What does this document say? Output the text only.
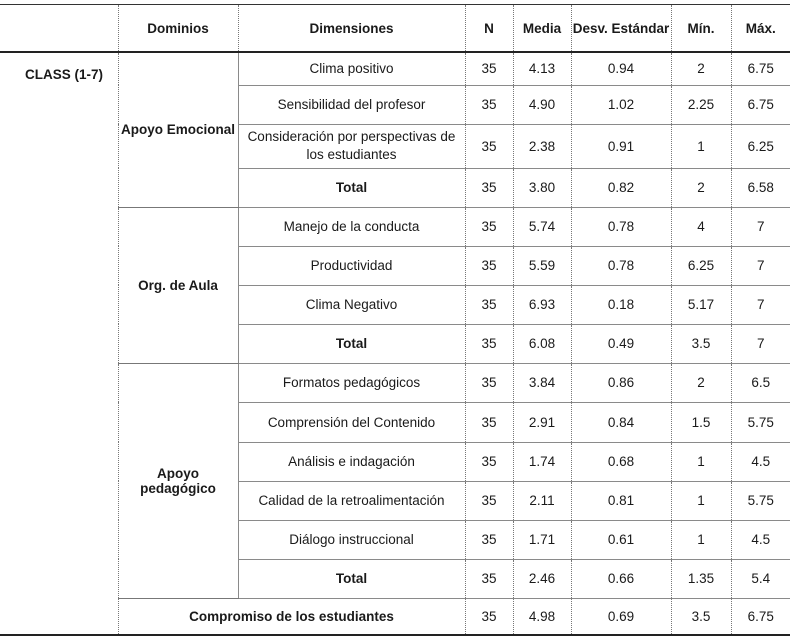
	Dominios	Dimensiones	N	Media	Desv. Estándar	Mín.	Máx.
CLASS (1-7)	Apoyo Emocional	Clima positivo	35	4.13	0.94	2	6.75
		Sensibilidad del profesor	35	4.90	1.02	2.25	6.75
		Consideración por perspectivas de los estudiantes	35	2.38	0.91	1	6.25
		Total	35	3.80	0.82	2	6.58
	Org. de Aula	Manejo de la conducta	35	5.74	0.78	4	7
		Productividad	35	5.59	0.78	6.25	7
		Clima Negativo	35	6.93	0.18	5.17	7
		Total	35	6.08	0.49	3.5	7
	Apoyo pedagógico	Formatos pedagógicos	35	3.84	0.86	2	6.5
		Comprensión del Contenido	35	2.91	0.84	1.5	5.75
		Análisis e indagación	35	1.74	0.68	1	4.5
		Calidad de la retroalimentación	35	2.11	0.81	1	5.75
		Diálogo instruccional	35	1.71	0.61	1	4.5
		Total	35	2.46	0.66	1.35	5.4
	Compromiso de los estudiantes		35	4.98	0.69	3.5	6.75
